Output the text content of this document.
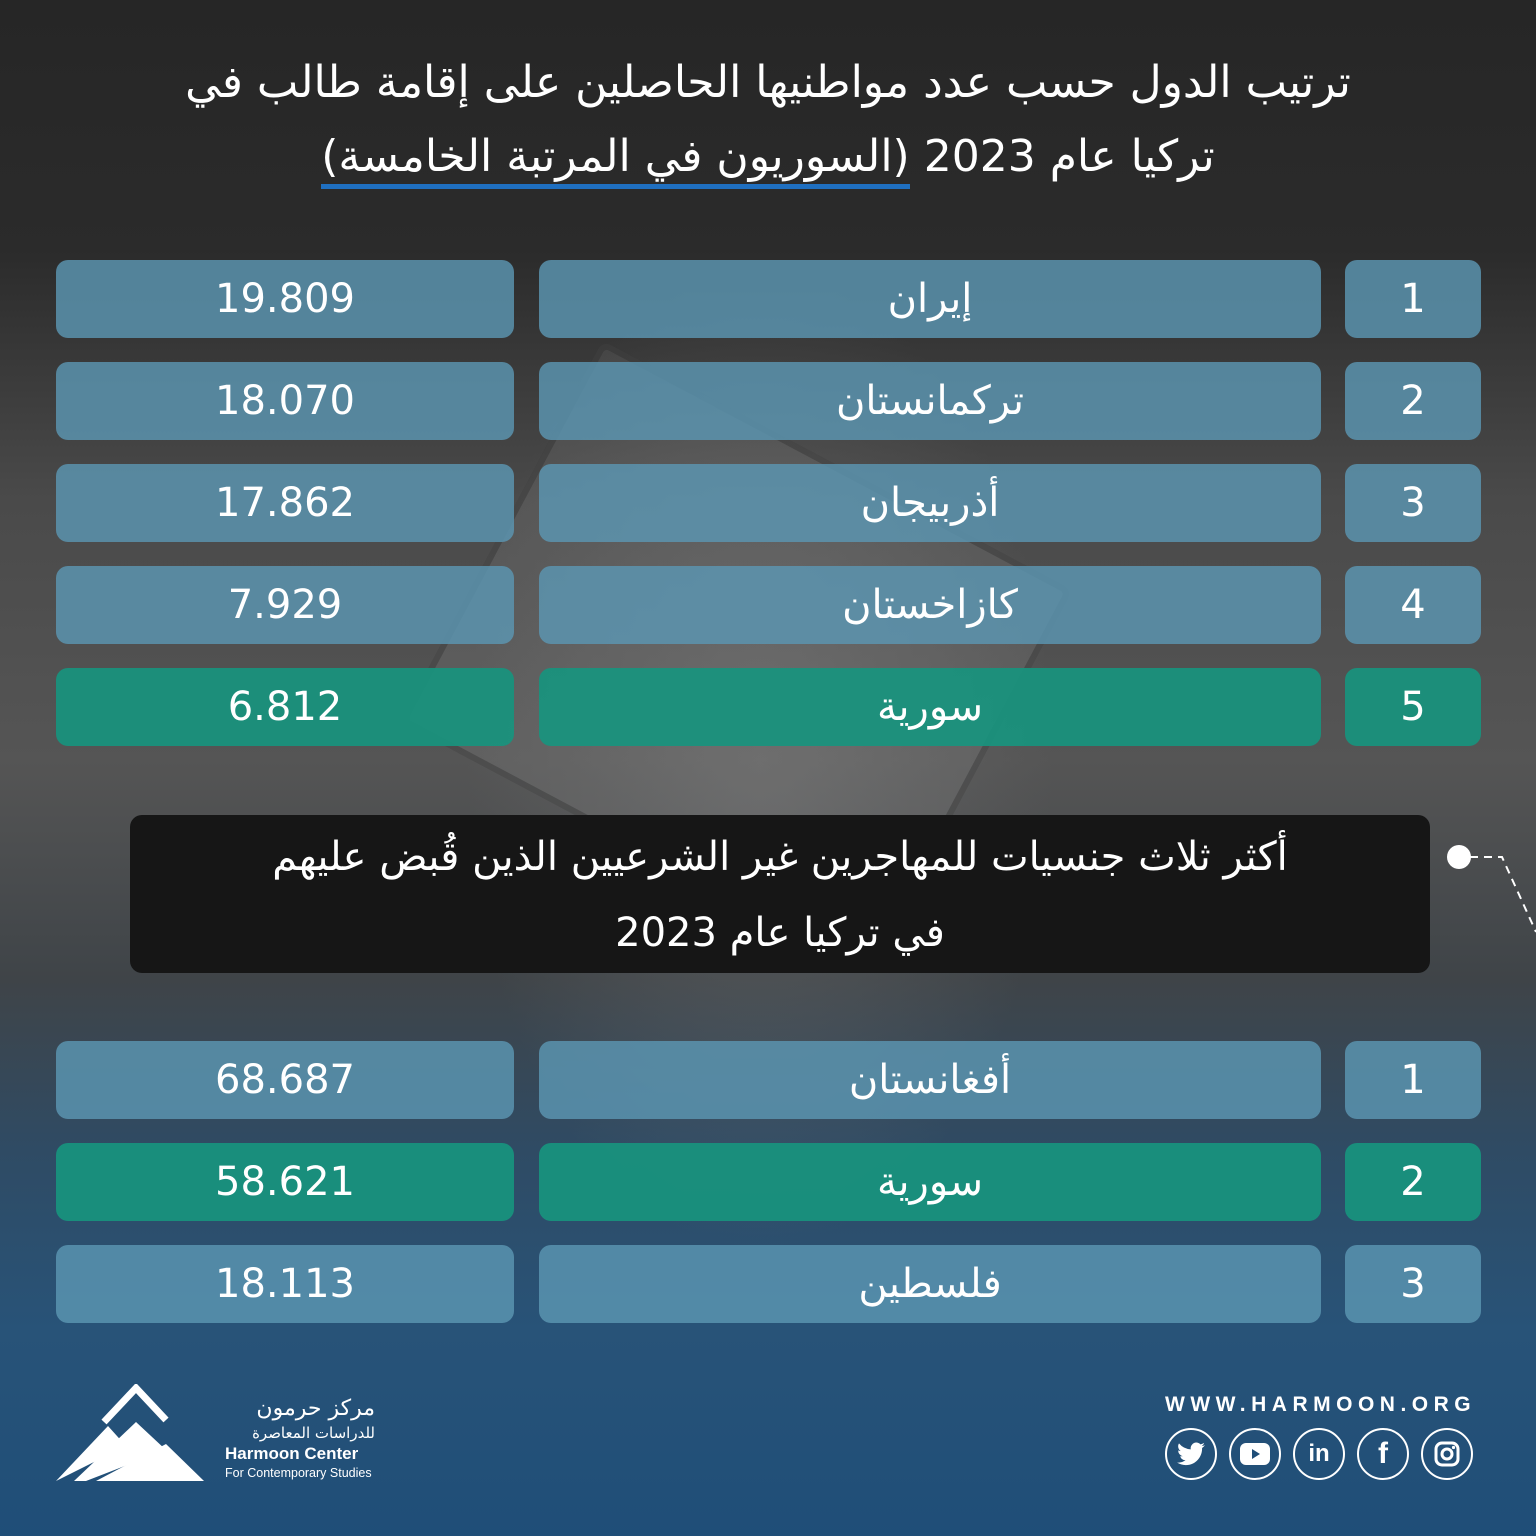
ترتيب الدول حسب عدد مواطنيها الحاصلين على إقامة طالب في
تركيا عام 2023 (السوريون في المرتبة الخامسة)
19.809	إيران	1
18.070	تركمانستان	2
17.862	أذربيجان	3
7.929	كازاخستان	4
6.812	سورية	5
أكثر ثلاث جنسيات للمهاجرين غير الشرعيين الذين قُبض عليهم
في تركيا عام 2023
68.687	أفغانستان	1
58.621	سورية	2
18.113	فلسطين	3
مركز حرمون
للدراسات المعاصرة
Harmoon Center
For Contemporary Studies
WWW.HARMOON.ORG
in f
